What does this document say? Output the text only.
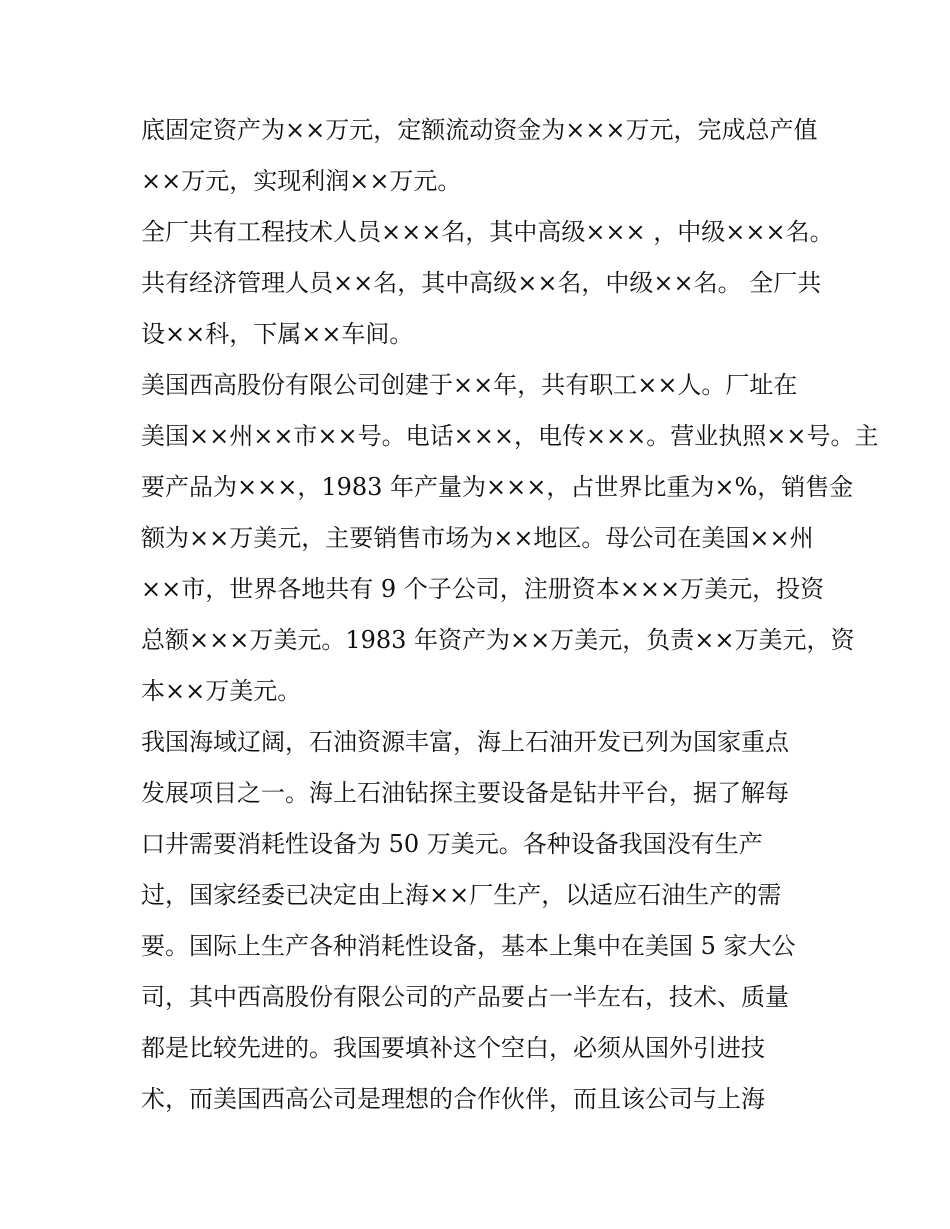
底固定资产为××万元，定额流动资金为×××万元，完成总产值
××万元，实现利润××万元。
全厂共有工程技术人员×××名，其中高级××× ，中级×××名。
共有经济管理人员××名，其中高级××名，中级××名。 全厂共
设××科，下属××车间。
美国西高股份有限公司创建于××年，共有职工××人。厂址在
美国××州××市××号。电话×××，电传×××。营业执照××号。主
要产品为×××，1983 年产量为×××，占世界比重为×%，销售金
额为××万美元，主要销售市场为××地区。母公司在美国××州
××市，世界各地共有 9 个子公司，注册资本×××万美元，投资
总额×××万美元。1983 年资产为××万美元，负责××万美元，资
本××万美元。
我国海域辽阔，石油资源丰富，海上石油开发已列为国家重点
发展项目之一。海上石油钻探主要设备是钻井平台，据了解每
口井需要消耗性设备为 50 万美元。各种设备我国没有生产
过，国家经委已决定由上海××厂生产，以适应石油生产的需
要。国际上生产各种消耗性设备，基本上集中在美国 5 家大公
司，其中西高股份有限公司的产品要占一半左右，技术、质量
都是比较先进的。我国要填补这个空白，必须从国外引进技
术，而美国西高公司是理想的合作伙伴，而且该公司与上海
